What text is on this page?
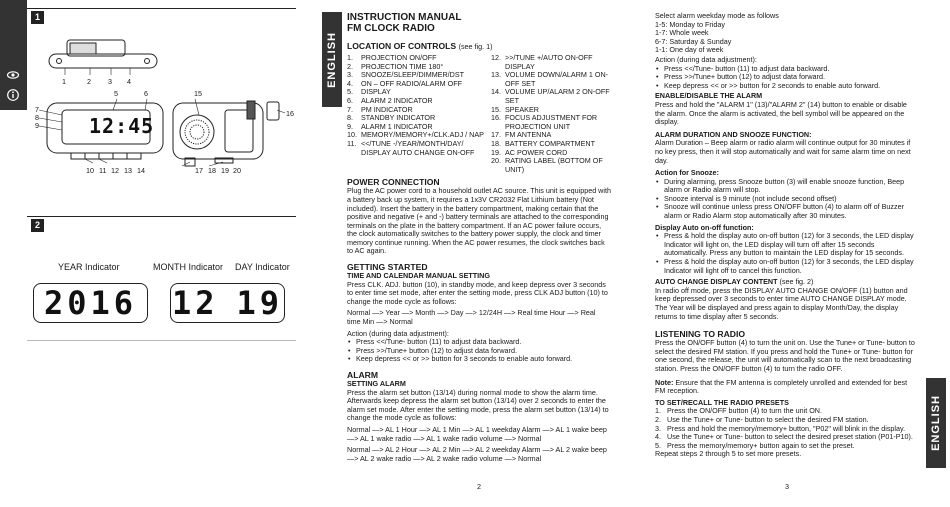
1
12:45
1	2 3 4
5	6
7
8
9
10 11 12 13 14
15
16
17 18 19 20
2
YEAR Indicator	MONTH Indicator DAY Indicator
2016 12 19
ENGLISH
INSTRUCTION MANUAL
FM CLOCK RADIO
LOCATION OF CONTROLS (see fig. 1)
1.	PROJECTION ON/OFF
2.	PROJECTION TIME 180°
3.	SNOOZE/SLEEP/DIMMER/DST
4.	ON – OFF RADIO/ALARM OFF
5.	DISPLAY
6.	ALARM 2 INDICATOR
7.	PM INDICATOR
8.	STANDBY INDICATOR
9.	ALARM 1 INDICATOR
10. MEMORY/MEMORY+/CLK.ADJ / NAP
11. <</TUNE -/YEAR/MONTH/DAY/ DISPLAY AUTO CHANGE ON-OFF
12. >>/TUNE +/AUTO ON-OFF DISPLAY
13. VOLUME DOWN/ALARM 1 ON-OFF SET
14. VOLUME UP/ALARM 2 ON-OFF SET
15. SPEAKER
16. FOCUS ADJUSTMENT FOR PROJECTION UNIT
17. FM ANTENNA
18. BATTERY COMPARTMENT
19. AC POWER CORD
20. RATING LABEL (BOTTOM OF UNIT)
POWER CONNECTION
Plug the AC power cord to a household outlet AC source. This unit is equipped with a battery back up system, it requires a 1x3V CR2032 Flat Lithium battery (Not included). Insert the battery in the battery compartment, making certain that the positive and negative (+ and -) battery terminals are attached to the corresponding terminals on the plate in the battery compartment. If an AC power failure occurs, the clock automatically switches to the battery power supply, the clock and timer memory continue running. When the AC power resumes, the clock switches back to AC again.
GETTING STARTED
TIME AND CALENDAR MANUAL SETTING
Press CLK. ADJ. button (10), in standby mode, and keep depress over 3 seconds to enter time set mode, after enter the setting mode, press CLK ADJ button (10) to change the mode cycle as follows:
Normal —> Year —> Month —> Day —> 12/24H —> Real time Hour —> Real time Min —> Normal
Action (during data adjustment):
• Press <</Tune- button (11) to adjust data backward.
• Press >>/Tune+ button (12) to adjust data forward.
• Keep depress << or >> button for 3 seconds to enable auto forward.
ALARM
SETTING ALARM
Press the alarm set button (13/14) during normal mode to show the alarm time. Afterwards keep depress the alarm set button (13/14) over 2 seconds to enter the alarm set mode. After enter the setting mode, press the alarm set button (13/14) to change the mode cycle as follows:
Normal —> AL 1 Hour —> AL 1 Min —> AL 1 weekday Alarm —> AL 1 wake beep —> AL 1 wake radio —> AL 1 wake radio volume —> Normal
Normal —> AL 2 Hour —> AL 2 Min —> AL 2 weekday Alarm —> AL 2 wake beep —> AL 2 wake radio —> AL 2 wake radio volume —> Normal
2
Select alarm weekday mode as follows
1-5: Monday to Friday
1-7: Whole week
6-7: Saturday & Sunday
1-1: One day of week
Action (during data adjustment):
• Press <</Tune- button (11) to adjust data backward.
• Press >>/Tune+ button (12) to adjust data forward.
• Keep depress << or >> button for 2 seconds to enable auto forward.
ENABLE/DISABLE THE ALARM
Press and hold the "ALARM 1" (13)/"ALARM 2" (14) button to enable or disable the alarm. Once the alarm is activated, the bell symbol will be appeared on the display.
ALARM DURATION AND SNOOZE FUNCTION:
Alarm Duration – Beep alarm or radio alarm will continue output for 30 minutes if no key press, then it will stop automatically and wait for same alarm time on next day.
Action for Snooze:
• During alarming, press Snooze button (3) will enable snooze function, Beep alarm or Radio alarm will stop.
• Snooze interval is 9 minute (not include second offset)
• Snooze will continue unless press ON/OFF button (4) to alarm off of Buzzer alarm or Radio Alarm stop automatically after 30 minutes.
Display Auto on-off function:
• Press & hold the display auto on-off button (12) for 3 seconds, the LED display Indicator will light on, the LED display will turn off after 15 seconds automatically. Press any button to maintain the LED display for 15 seconds.
• Press & hold the display auto on-off button (12) for 3 seconds, the LED display Indicator will light off to cancel this function.
AUTO CHANGE DISPLAY CONTENT (see fig. 2)
In radio off mode, press the DISPLAY AUTO CHANGE ON/OFF (11) button and keep depressed over 3 seconds to enter time AUTO CHANGE DISPLAY mode. The Year will be displayed and press again to display Month/Day, the display returns to time display after 5 seconds.
LISTENING TO RADIO
Press the ON/OFF button (4) to turn the unit on. Use the Tune+ or Tune- button to select the desired FM station. If you press and hold the Tune+ or Tune- button for one second, the release, the unit will automatically scan to the next broadcasting station. Press the ON/OFF button (4) to turn the radio OFF.
Note: Ensure that the FM antenna is completely unrolled and extended for best FM reception.
TO SET/RECALL THE RADIO PRESETS
1. Press the ON/OFF button (4) to turn the unit ON.
2. Use the Tune+ or Tune- button to select the desired FM station.
3. Press and hold the memory/memory+ button, "P02" will blink in the display.
4. Use the Tune+ or Tune- button to select the desired preset station (P01-P10).
5. Press the memory/memory+ button again to set the preset.
Repeat steps 2 through 5 to set more presets.
3
ENGLISH
